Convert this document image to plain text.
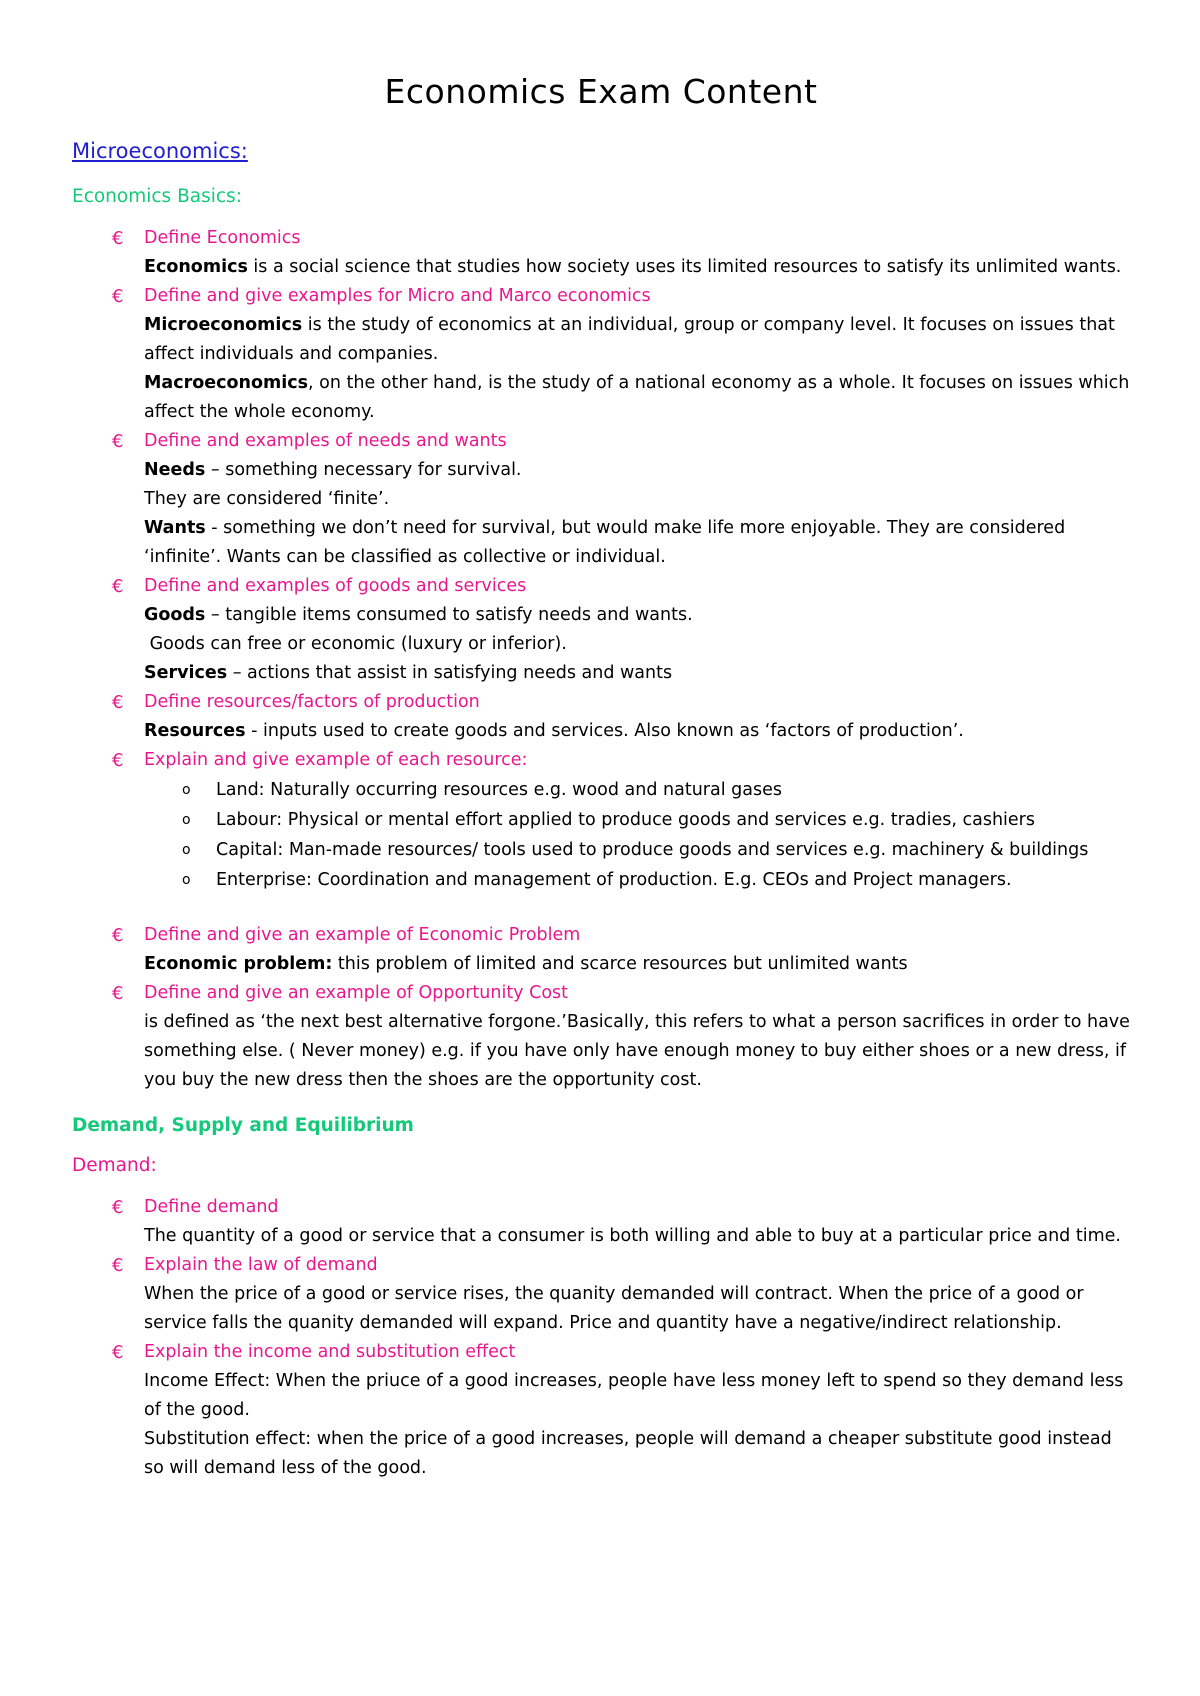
Economics Exam Content
Microeconomics:
Economics Basics:
€	Define Economics

Economics is a social science that studies how society uses its limited resources to satisfy its unlimited wants.

€	Define and give examples for Micro and Marco economics

Microeconomics is the study of economics at an individual, group or company level. It focuses on issues that affect individuals and companies.

Macroeconomics, on the other hand, is the study of a national economy as a whole. It focuses on issues which affect the whole economy.

€	Define and examples of needs and wants

Needs – something necessary for survival.

They are considered ‘finite’.

Wants - something we don’t need for survival, but would make life more enjoyable. They are considered ‘infinite’. Wants can be classified as collective or individual.

€	Define and examples of goods and services

Goods – tangible items consumed to satisfy needs and wants.

Goods can free or economic (luxury or inferior).

Services – actions that assist in satisfying needs and wants

€	Define resources/factors of production

Resources - inputs used to create goods and services. Also known as ‘factors of production’.

€	Explain and give example of each resource:
o Land: Naturally occurring resources e.g. wood and natural gases
o Labour: Physical or mental effort applied to produce goods and services e.g. tradies, cashiers
o Capital: Man-made resources/ tools used to produce goods and services e.g. machinery & buildings
o Enterprise: Coordination and management of production. E.g. CEOs and Project managers.
€	Define and give an example of Economic Problem

Economic problem: this problem of limited and scarce resources but unlimited wants

€	Define and give an example of Opportunity Cost

is defined as ‘the next best alternative forgone.’Basically, this refers to what a person sacrifices in order to have something else. ( Never money) e.g. if you have only have enough money to buy either shoes or a new dress, if you buy the new dress then the shoes are the opportunity cost.

Demand, Supply and Equilibrium
Demand:
€	Define demand

The quantity of a good or service that a consumer is both willing and able to buy at a particular price and time.

€	Explain the law of demand

When the price of a good or service rises, the quanity demanded will contract. When the price of a good or service falls the quanity demanded will expand. Price and quantity have a negative/indirect relationship.

€	Explain the income and substitution effect

Income Effect: When the priuce of a good increases, people have less money left to spend so they demand less of the good.

Substitution effect: when the price of a good increases, people will demand a cheaper substitute good instead so will demand less of the good.
